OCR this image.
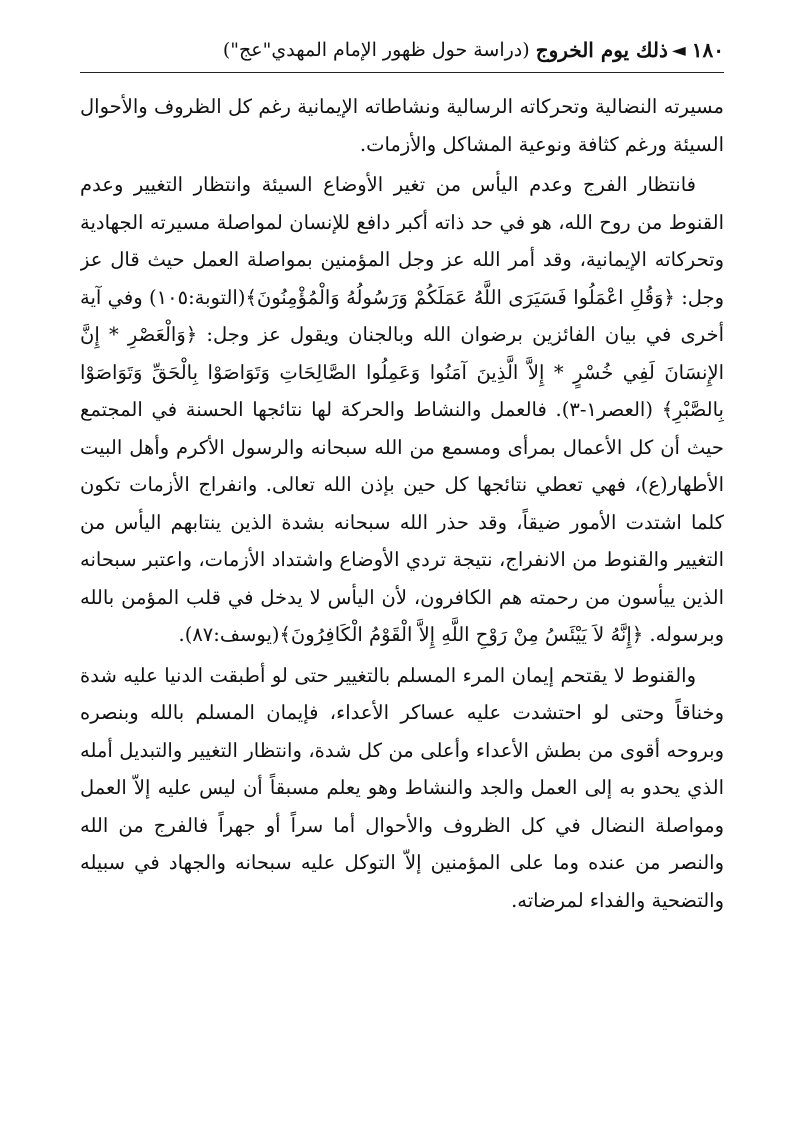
١٨٠
◄
ذلك يوم الخروج
(دراسة حول ظهور الإمام المهدي"عج")

مسيرته النضالية وتحركاته الرسالية ونشاطاته الإيمانية رغم كل الظروف والأحوال السيئة ورغم كثافة ونوعية المشاكل والأزمات.

فانتظار الفرج وعدم اليأس من تغير الأوضاع السيئة وانتظار التغيير وعدم القنوط من روح الله، هو في حد ذاته أكبر دافع للإنسان لمواصلة مسيرته الجهادية وتحركاته الإيمانية، وقد أمر الله عز وجل المؤمنين بمواصلة العمل حيث قال عز وجل: ﴿وَقُلِ اعْمَلُوا فَسَيَرَى اللَّهُ عَمَلَكُمْ وَرَسُولُهُ وَالْمُؤْمِنُونَ﴾(التوبة:١٠٥) وفي آية أخرى في بيان الفائزين برضوان الله وبالجنان ويقول عز وجل: ﴿وَالْعَصْرِ * إِنَّ الإِنسَانَ لَفِي خُسْرٍ * إِلاَّ الَّذِينَ آمَنُوا وَعَمِلُوا الصَّالِحَاتِ وَتَوَاصَوْا بِالْحَقِّ وَتَوَاصَوْا بِالصَّبْرِ﴾ (العصر١-٣). فالعمل والنشاط والحركة لها نتائجها الحسنة في المجتمع حيث أن كل الأعمال بمرأى ومسمع من الله سبحانه والرسول الأكرم وأهل البيت الأطهار(ع)، فهي تعطي نتائجها كل حين بإذن الله تعالى. وانفراج الأزمات تكون كلما اشتدت الأمور ضيقاً، وقد حذر الله سبحانه بشدة الذين ينتابهم اليأس من التغيير والقنوط من الانفراج، نتيجة تردي الأوضاع واشتداد الأزمات، واعتبر سبحانه الذين ييأسون من رحمته هم الكافرون، لأن اليأس لا يدخل في قلب المؤمن بالله وبرسوله. ﴿إِنَّهُ لاَ يَيْئَسُ مِنْ رَوْحِ اللَّهِ إِلاَّ الْقَوْمُ الْكَافِرُونَ﴾(يوسف:٨٧).

والقنوط لا يقتحم إيمان المرء المسلم بالتغيير حتى لو أطبقت الدنيا عليه شدة وخناقاً وحتى لو احتشدت عليه عساكر الأعداء، فإيمان المسلم بالله وبنصره وبروحه أقوى من بطش الأعداء وأعلى من كل شدة، وانتظار التغيير والتبديل أمله الذي يحدو به إلى العمل والجد والنشاط وهو يعلم مسبقاً أن ليس عليه إلاّ العمل ومواصلة النضال في كل الظروف والأحوال أما سراً أو جهراً فالفرج من الله والنصر من عنده وما على المؤمنين إلاّ التوكل عليه سبحانه والجهاد في سبيله والتضحية والفداء لمرضاته.
